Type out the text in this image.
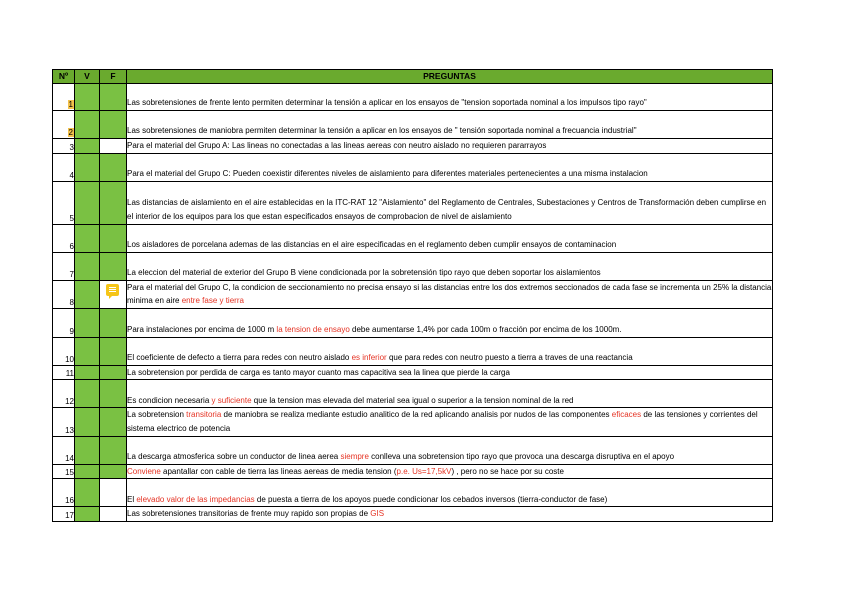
Nº	V	F	PREGUNTAS
1			Las sobretensiones de frente lento permiten determinar la tensión a aplicar en los ensayos de "tension soportada nominal a los impulsos tipo rayo"
2			Las sobretensiones de maniobra permiten determinar la tensión a aplicar en los ensayos de " tensión soportada nominal a frecuancia industrial"
3			Para el material del Grupo A: Las lineas no conectadas a las lineas aereas con neutro aislado no requieren pararrayos
4			Para el material del Grupo C: Pueden coexistir diferentes niveles de aislamiento para diferentes materiales pertenecientes a una misma instalacion
5			Las distancias de aislamiento en el aire establecidas en la ITC-RAT 12 "Aislamiento" del Reglamento de Centrales, Subestaciones y Centros de Transformación deben cumplirse en el interior de los equipos para los que estan especificados ensayos de comprobacion de nivel de aislamiento
6			Los aisladores de porcelana ademas de las distancias en el aire especificadas en el reglamento deben cumplir ensayos de contaminacion
7			La eleccion del material de exterior del Grupo B viene condicionada por la sobretensión tipo rayo que deben soportar los aislamientos
8			Para el material del Grupo C, la condicion de seccionamiento no precisa ensayo si las distancias entre los dos extremos seccionados de cada fase se incrementa un 25% la distancia minima en aire entre fase y tierra
9			Para instalaciones por encima de 1000 m la tension de ensayo debe aumentarse 1,4% por cada 100m o fracción por encima de los 1000m.
10			El coeficiente de defecto a tierra para redes con neutro aislado es inferior que para redes con neutro puesto a tierra a traves de una reactancia
11			La sobretension por perdida de carga es tanto mayor cuanto mas capacitiva sea la linea que pierde la carga
12			Es condicion necesaria y suficiente que la tension mas elevada del material sea igual o superior a la tension nominal de la red
13			La sobretension transitoria de maniobra se realiza mediante estudio analitico de la red aplicando analisis por nudos de las componentes eficaces de las tensiones y corrientes del sistema electrico de potencia
14			La descarga atmosferica sobre un conductor de linea aerea siempre conlleva una sobretension tipo rayo que provoca una descarga disruptiva en el apoyo
15			Conviene apantallar con cable de tierra las lineas aereas de media tension (p.e. Us=17,5kV) , pero no se hace por su coste
16			El elevado valor de las impedancias de puesta a tierra de los apoyos puede condicionar los cebados inversos (tierra-conductor de fase)
17			Las sobretensiones transitorias de frente muy rapido son propias de GIS
